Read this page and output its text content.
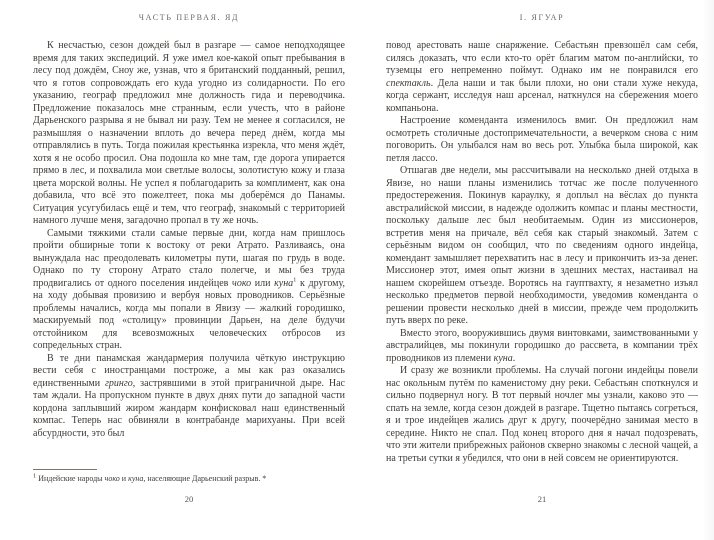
ЧАСТЬ ПЕРВАЯ. ЯД

К несчастью, сезон дождей был в разгаре — самое неподходящее время для таких экспедиций. Я уже имел кое-какой опыт пребывания в лесу под дождём, Сноу же, узнав, что я британский подданный, решил, что я готов сопровождать его куда угодно из солидарности. По его указанию, географ предложил мне должность гида и переводчика. Предложение показалось мне странным, если учесть, что в районе Дарьенского разрыва я не бывал ни разу. Тем не менее я согласился, не размышляя о назначении вплоть до вечера перед днём, когда мы отправлялись в путь. Тогда пожилая крестьянка изрекла, что меня ждёт, хотя я не особо просил. Она подошла ко мне там, где дорога упирается прямо в лес, и похвалила мои светлые волосы, золотистую кожу и глаза цвета морской волны. Не успел я поблагодарить за комплимент, как она добавила, что всё это пожелтеет, пока мы доберёмся до Панамы. Ситуация усугубилась ещё и тем, что географ, знакомый с территорией намного лучше меня, загадочно пропал в ту же ночь.

Самыми тяжкими стали самые первые дни, когда нам пришлось пройти обширные топи к востоку от реки Атрато. Разливаясь, она вынуждала нас преодолевать километры пути, шагая по грудь в воде. Однако по ту сторону Атрато стало полегче, и мы без труда продвигались от одного поселения индейцев чоко или куна$^1$ к другому, на ходу добывая провизию и вербуя новых проводников. Серьёзные проблемы начались, когда мы попали в Явизу — жалкий городишко, маскируемый под «столицу» провинции Дарьен, на деле будучи отстойником для всевозможных человеческих отбросов из сопредельных стран.

В те дни панамская жандармерия получила чёткую инструкцию вести себя с иностранцами построже, а мы как раз оказались единственными гринго, застрявшими в этой приграничной дыре. Нас там ждали. На пропускном пункте в двух днях пути до западной части кордона заплывший жиром жандарм конфисковал наш единственный компас. Теперь нас обвиняли в контрабанде марихуаны. При всей абсурдности, это был

$^1$ Индейские народы чоко и куна, населяющие Дарьенский разрыв. *
20
I. ЯГУАР

повод арестовать наше снаряжение. Себастьян превзошёл сам себя, силясь доказать, что если кто-то орёт благим матом по-английски, то туземцы его непременно поймут. Однако им не понравился его спектакль. Дела наши и так были плохи, но они стали хуже некуда, когда сержант, исследуя наш арсенал, наткнулся на сбережения моего компаньона.

Настроение коменданта изменилось вмиг. Он предложил нам осмотреть столичные достопримечательности, а вечерком снова с ним поговорить. Он улыбался нам во весь рот. Улыбка была широкой, как петля лассо.

Отшагав две недели, мы рассчитывали на несколько дней отдыха в Явизе, но наши планы изменились тотчас же после полученного предостережения. Покинув караулку, я доплыл на вёслах до пункта австралийской миссии, в надежде одолжить компас и планы местности, поскольку дальше лес был необитаемым. Один из миссионеров, встретив меня на причале, вёл себя как старый знакомый. Затем с серьёзным видом он сообщил, что по сведениям одного индейца, комендант замышляет перехватить нас в лесу и прикончить из-за денег. Миссионер этот, имея опыт жизни в здешних местах, настаивал на нашем скорейшем отъезде. Воротясь на гауптвахту, я незаметно изъял несколько предметов первой необходимости, уведомив коменданта о решении провести несколько дней в миссии, прежде чем продолжить путь вверх по реке.

Вместо этого, вооружившись двумя винтовками, заимствованными у австралийцев, мы покинули городишко до рассвета, в компании трёх проводников из племени куна.

И сразу же возникли проблемы. На случай погони индейцы повели нас окольным путём по каменистому дну реки. Себастьян споткнулся и сильно подвернул ногу. В тот первый ночлег мы узнали, каково это — спать на земле, когда сезон дождей в разгаре. Тщетно пытаясь согреться, я и трое индейцев жались друг к другу, поочерёдно занимая место в середине. Никто не спал. Под конец второго дня я начал подозревать, что эти жители прибрежных районов скверно знакомы с лесной чащей, а на третьи сутки я убедился, что они в ней совсем не ориентируются.

21
